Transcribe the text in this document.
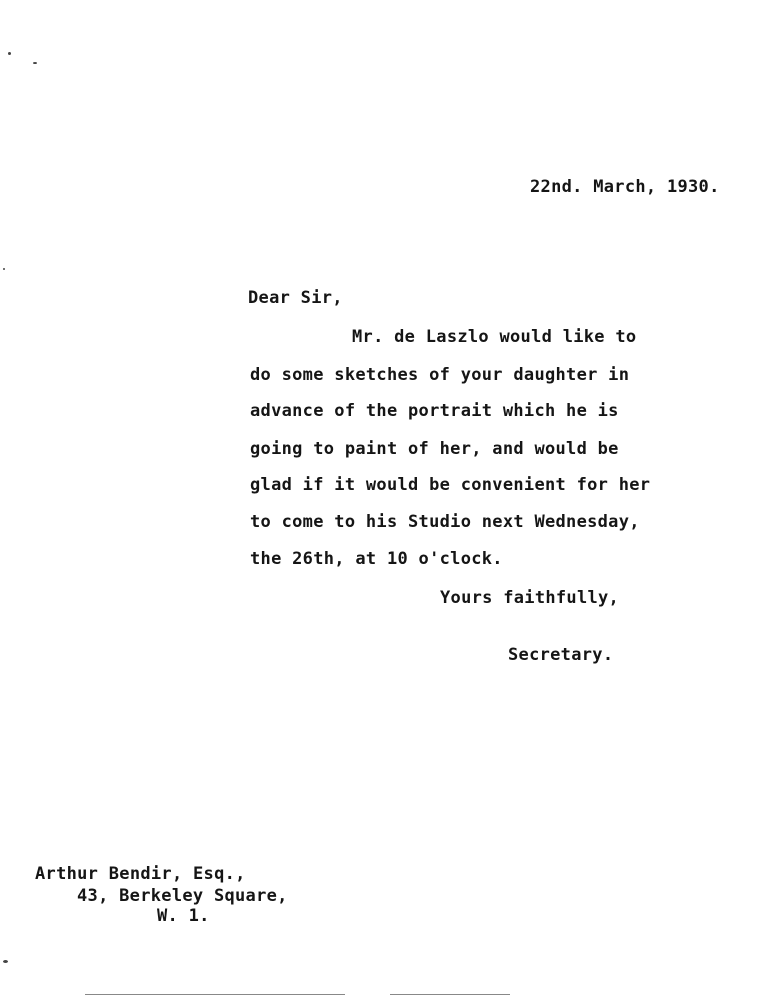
22nd. March, 1930.
Dear Sir,
Mr. de Laszlo would like to
do some sketches of your daughter in
advance of the portrait which he is
going to paint of her, and would be
glad if it would be convenient for her
to come to his Studio next Wednesday,
the 26th, at 10 o'clock.
Yours faithfully,
Secretary.
Arthur Bendir, Esq.,
43, Berkeley Square,
W. 1.
